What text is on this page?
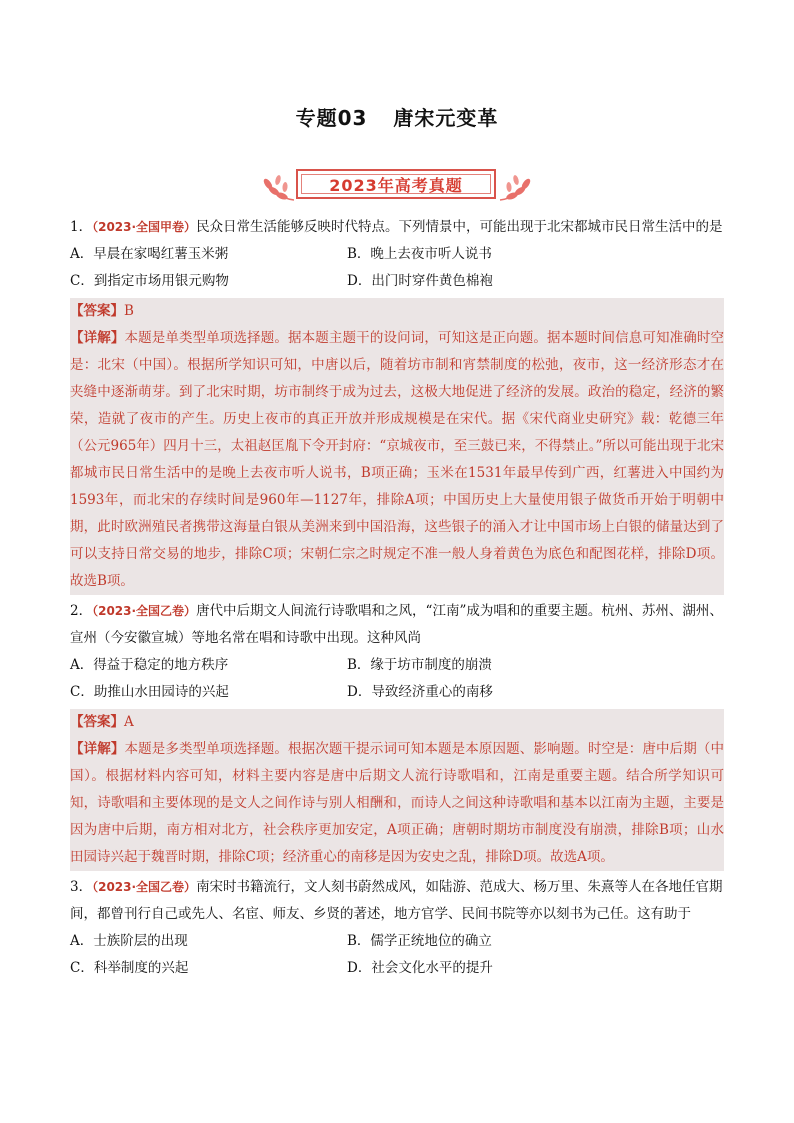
专题03 唐宋元变革
2023年高考真题

1．（2023·全国甲卷）民众日常生活能够反映时代特点。下列情景中，可能出现于北宋都城市民日常生活中的是

A．早晨在家喝红薯玉米粥	B．晚上去夜市听人说书
C．到指定市场用银元购物	D．出门时穿件黄色棉袍
【答案】B
【详解】本题是单类型单项选择题。据本题主题干的设问词，可知这是正向题。据本题时间信息可知准确时空是：北宋（中国）。根据所学知识可知，中唐以后，随着坊市制和宵禁制度的松弛，夜市，这一经济形态才在夹缝中逐渐萌芽。到了北宋时期，坊市制终于成为过去，这极大地促进了经济的发展。政治的稳定，经济的繁荣，造就了夜市的产生。历史上夜市的真正开放并形成规模是在宋代。据《宋代商业史研究》载：乾德三年（公元965年）四月十三，太祖赵匡胤下令开封府：“京城夜市，至三鼓已来，不得禁止。”所以可能出现于北宋都城市民日常生活中的是晚上去夜市听人说书，B项正确；玉米在1531年最早传到广西，红薯进入中国约为1593年，而北宋的存续时间是960年—1127年，排除A项；中国历史上大量使用银子做货币开始于明朝中期，此时欧洲殖民者携带这海量白银从美洲来到中国沿海，这些银子的涌入才让中国市场上白银的储量达到了可以支持日常交易的地步，排除C项；宋朝仁宗之时规定不准一般人身着黄色为底色和配图花样，排除D项。故选B项。

2．（2023·全国乙卷）唐代中后期文人间流行诗歌唱和之风，“江南”成为唱和的重要主题。杭州、苏州、湖州、宣州（今安徽宣城）等地名常在唱和诗歌中出现。这种风尚

A．得益于稳定的地方秩序	B．缘于坊市制度的崩溃
C．助推山水田园诗的兴起	D．导致经济重心的南移
【答案】A
【详解】本题是多类型单项选择题。根据次题干提示词可知本题是本原因题、影响题。时空是：唐中后期（中国）。根据材料内容可知，材料主要内容是唐中后期文人流行诗歌唱和，江南是重要主题。结合所学知识可知，诗歌唱和主要体现的是文人之间作诗与别人相酬和，而诗人之间这种诗歌唱和基本以江南为主题，主要是因为唐中后期，南方相对北方，社会秩序更加安定，A项正确；唐朝时期坊市制度没有崩溃，排除B项；山水田园诗兴起于魏晋时期，排除C项；经济重心的南移是因为安史之乱，排除D项。故选A项。

3．（2023·全国乙卷）南宋时书籍流行，文人刻书蔚然成风，如陆游、范成大、杨万里、朱熹等人在各地任官期间，都曾刊行自己或先人、名宦、师友、乡贤的著述，地方官学、民间书院等亦以刻书为己任。这有助于

A．士族阶层的出现	B．儒学正统地位的确立
C．科举制度的兴起	D．社会文化水平的提升
